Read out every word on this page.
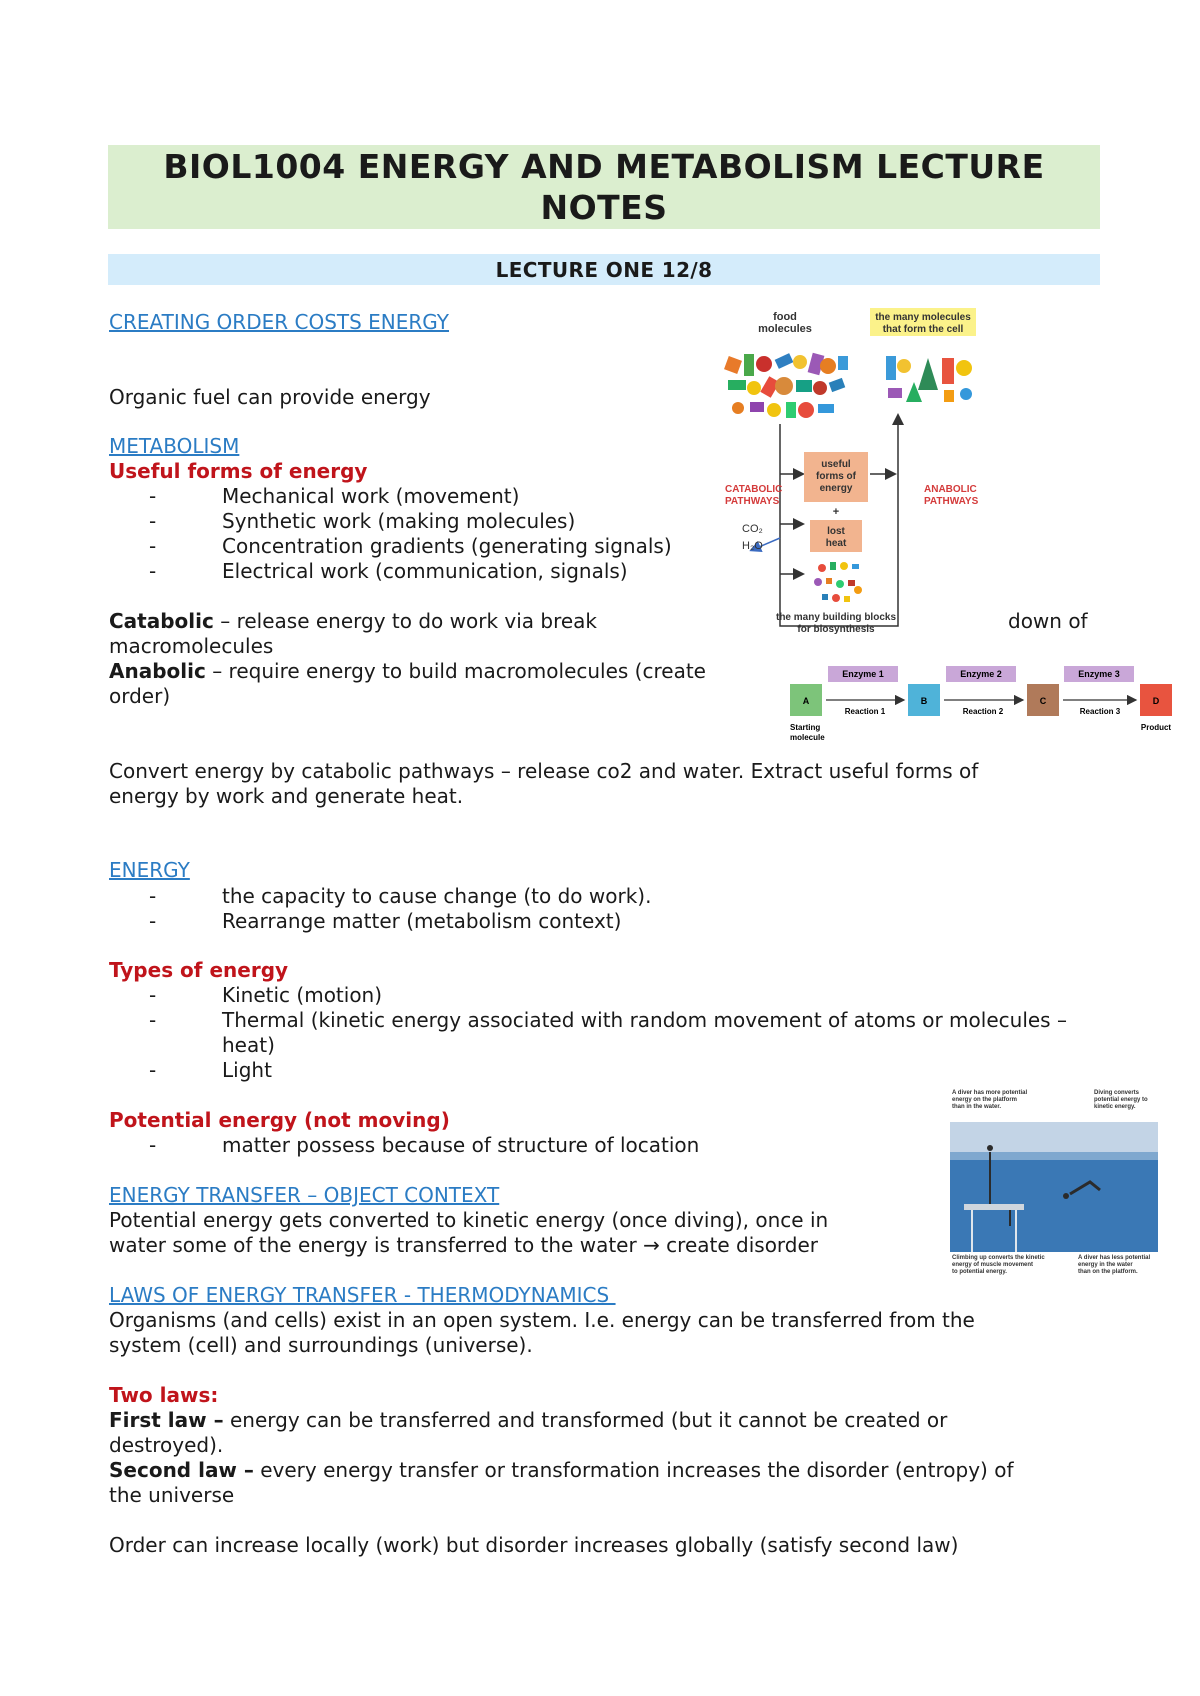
BIOL1004 ENERGY AND METABOLISM LECTURE NOTES
LECTURE ONE 12/8
CREATING ORDER COSTS ENERGY
Organic fuel can provide energy
METABOLISM
Useful forms of energy
-	Mechanical work (movement)
-	Synthetic work (making molecules)
-	Concentration gradients (generating signals)
-	Electrical work (communication, signals)
Catabolic – release energy to do work via break	down of
macromolecules
Anabolic – require energy to build macromolecules (create
order)
Convert energy by catabolic pathways – release co2 and water. Extract useful forms of
energy by work and generate heat.
ENERGY
-	the capacity to cause change (to do work).
-	Rearrange matter (metabolism context)
Types of energy
-	Kinetic (motion)
-	Thermal (kinetic energy associated with random movement of atoms or molecules –
heat)
-	Light
Potential energy (not moving)
-	matter possess because of structure of location
ENERGY TRANSFER – OBJECT CONTEXT
Potential energy gets converted to kinetic energy (once diving), once in
water some of the energy is transferred to the water → create disorder
LAWS OF ENERGY TRANSFER - THERMODYNAMICS
Organisms (and cells) exist in an open system. I.e. energy can be transferred from the
system (cell) and surroundings (universe).
Two laws:
First law – energy can be transferred and transformed (but it cannot be created or
destroyed).
Second law – every energy transfer or transformation increases the disorder (entropy) of
the universe
Order can increase locally (work) but disorder increases globally (satisfy second law)
food molecules
the many molecules that form the cell
useful forms of energy
+
lost heat
CATABOLIC PATHWAYS
ANABOLIC PATHWAYS
CO₂
H₂O
the many building blocks for biosynthesis
A	B	C	D
Enzyme 1	Enzyme 2	Enzyme 3
Reaction 1	Reaction 2	Reaction 3
Starting molecule
Product
A diver has more potential energy on the platform than in the water.
Diving converts potential energy to kinetic energy.
Climbing up converts the kinetic energy of muscle movement to potential energy.
A diver has less potential energy in the water than on the platform.
